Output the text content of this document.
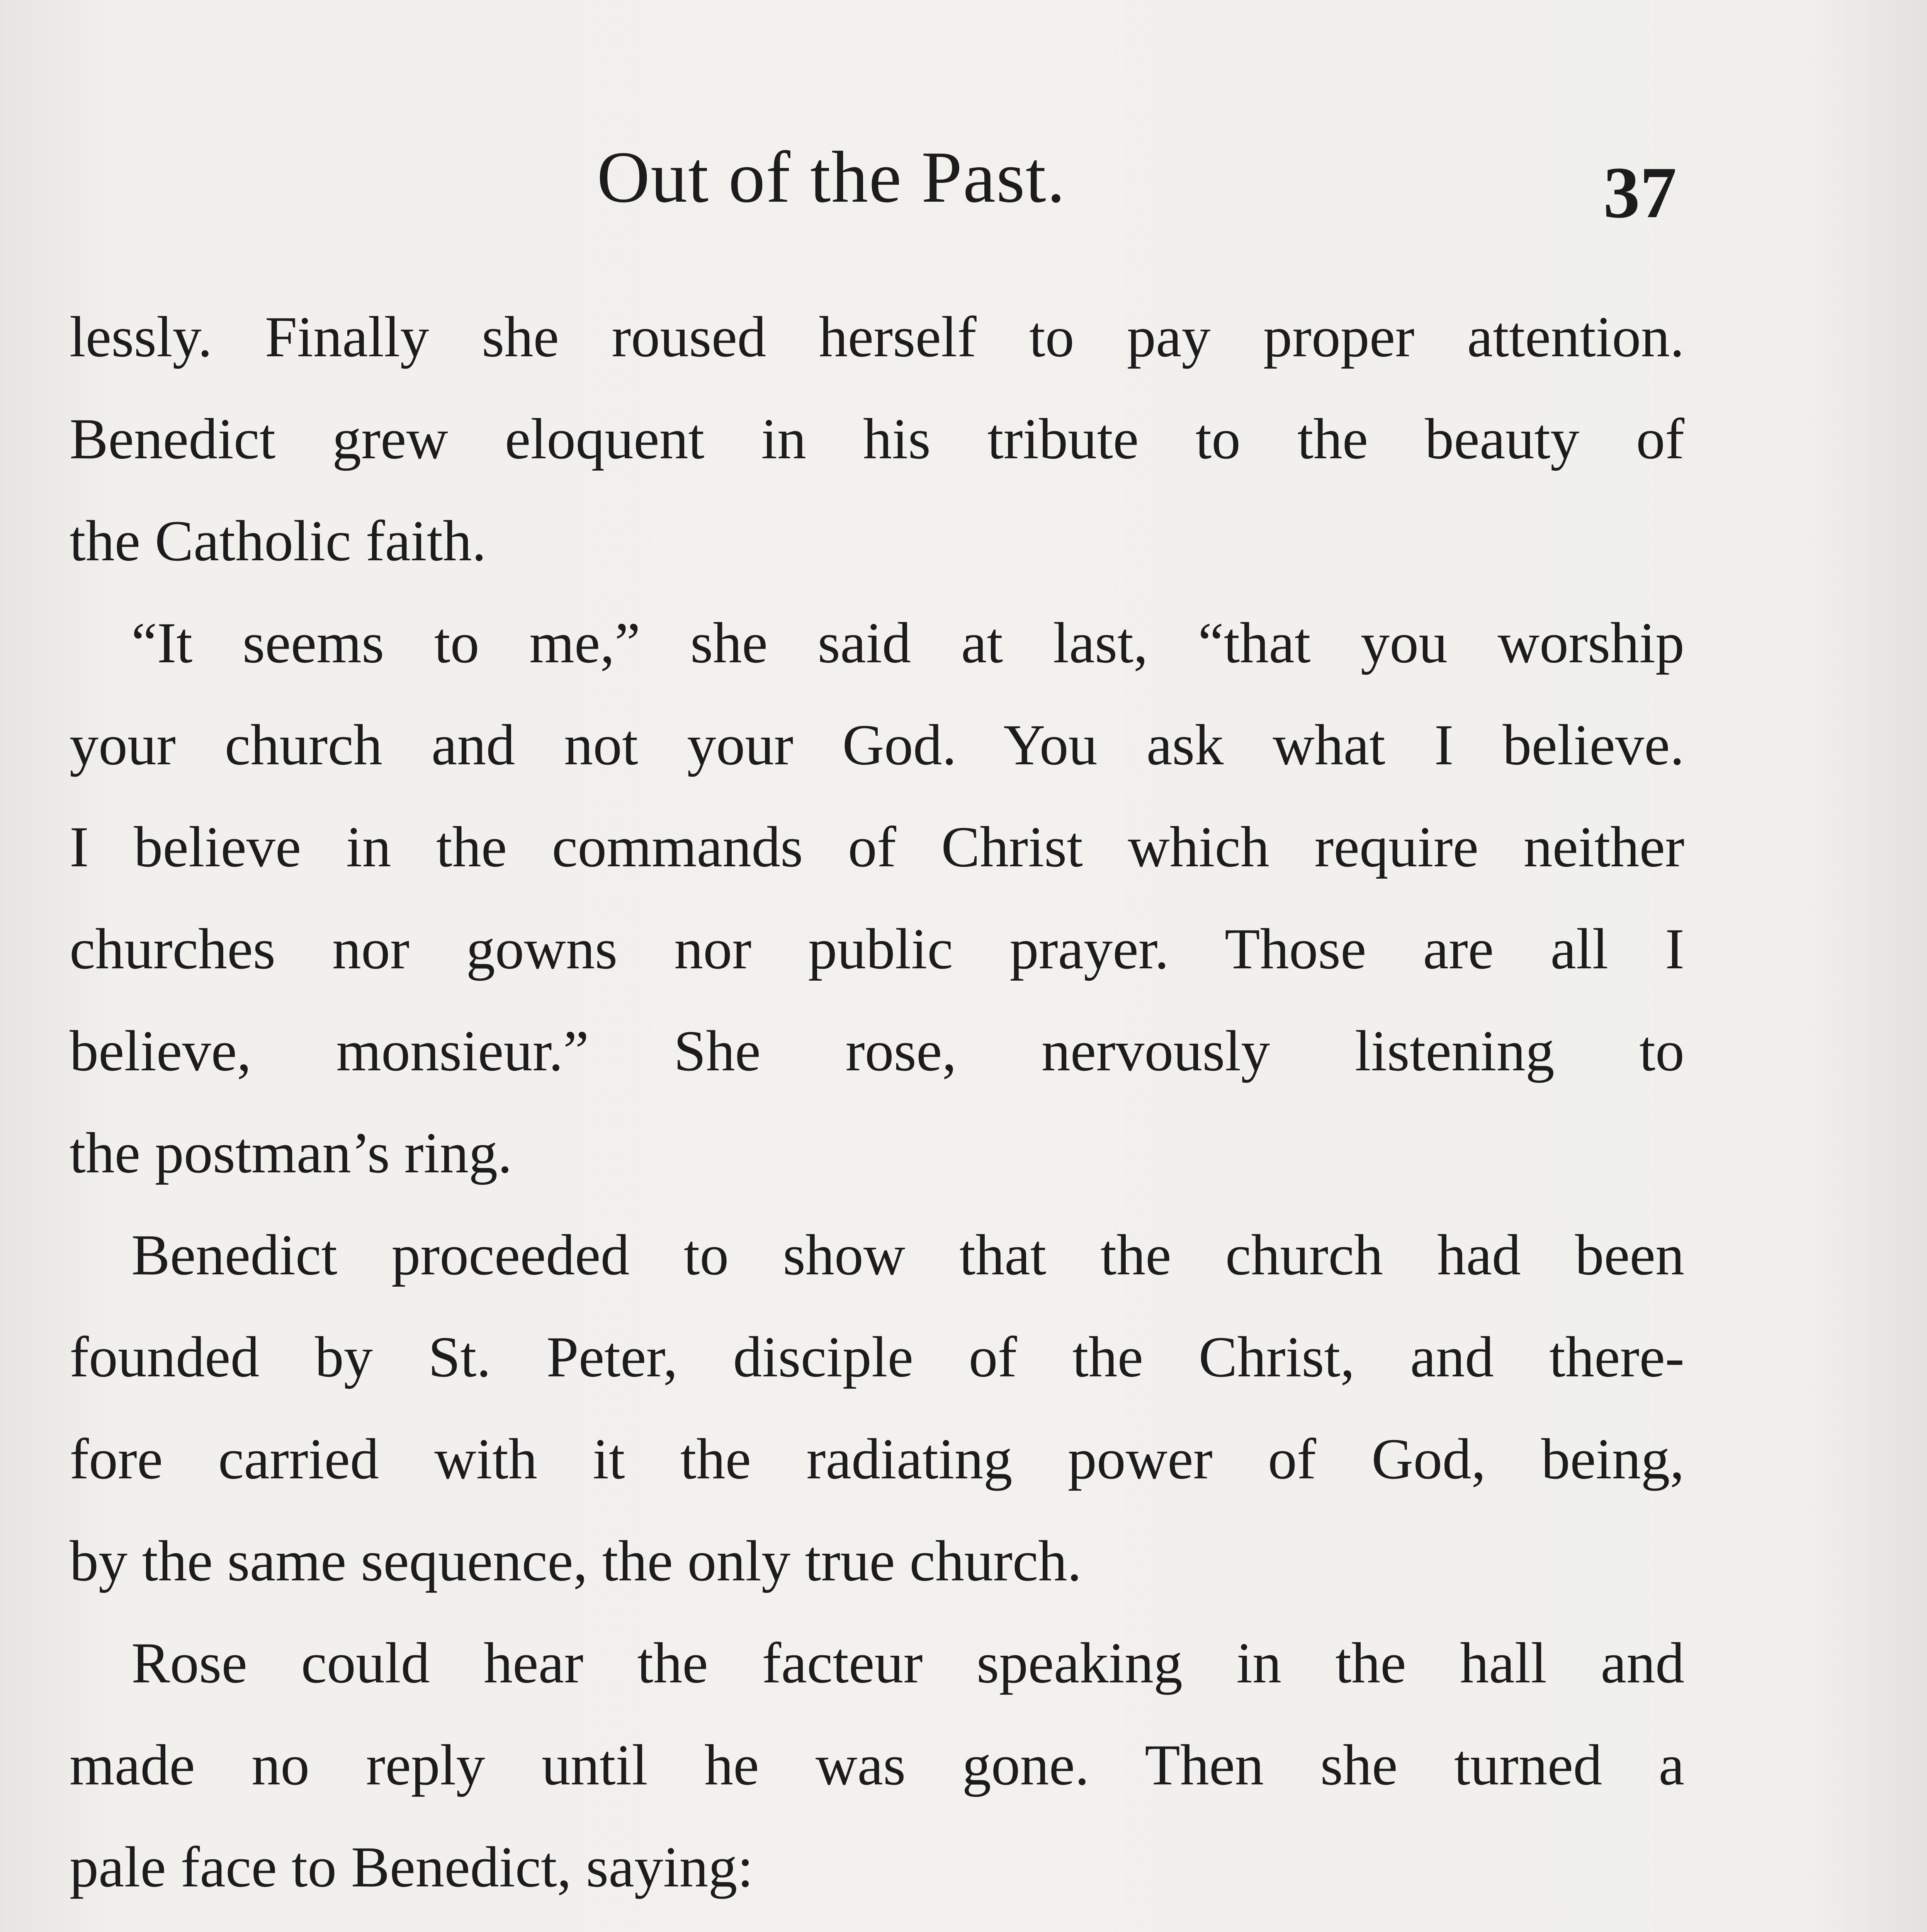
Out of the Past.	37
lessly. Finally she roused herself to pay proper attention.
Benedict grew eloquent in his tribute to the beauty of
the Catholic faith.
“It seems to me,” she said at last, “that you worship
your church and not your God. You ask what I believe.
I believe in the commands of Christ which require neither
churches nor gowns nor public prayer. Those are all I
believe, monsieur.” She rose, nervously listening to
the postman’s ring.
Benedict proceeded to show that the church had been
founded by St. Peter, disciple of the Christ, and there-
fore carried with it the radiating power of God, being,
by the same sequence, the only true church.
Rose could hear the facteur speaking in the hall and
made no reply until he was gone. Then she turned a
pale face to Benedict, saying:
